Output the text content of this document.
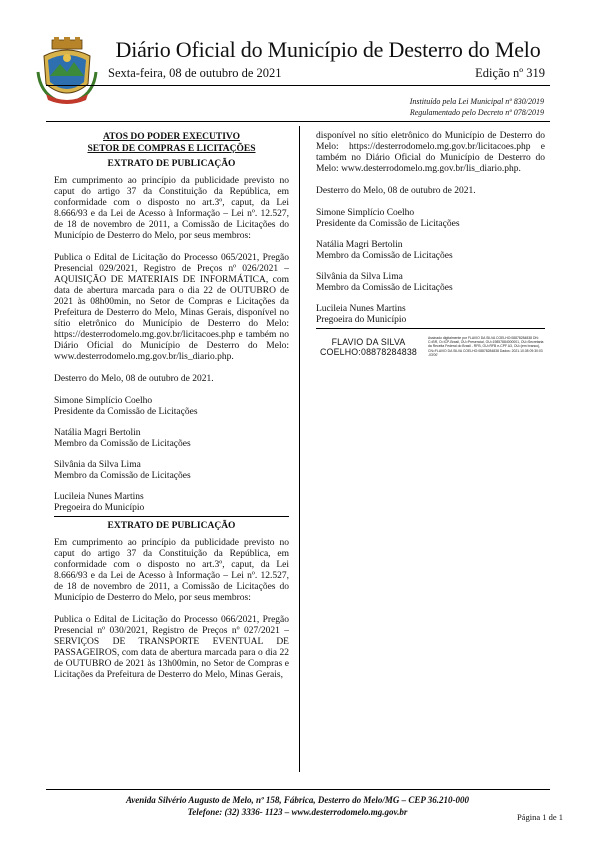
Diário Oficial do Município de Desterro do Melo
Sexta-feira, 08 de outubro de 2021	Edição nº 319
Instituído pela Lei Municipal nº 830/2019
Regulamentado pelo Decreto nº 078/2019
ATOS DO PODER EXECUTIVO
SETOR DE COMPRAS E LICITAÇÕES
EXTRATO DE PUBLICAÇÃO

Em cumprimento ao princípio da publicidade previsto no caput do artigo 37 da Constituição da República, em conformidade com o disposto no art.3º, caput, da Lei 8.666/93 e da Lei de Acesso à Informação – Lei nº. 12.527, de 18 de novembro de 2011, a Comissão de Licitações do Município de Desterro do Melo, por seus membros:

Publica o Edital de Licitação do Processo 065/2021, Pregão Presencial 029/2021, Registro de Preços nº 026/2021 – AQUISIÇÃO DE MATERIAIS DE INFORMÁTICA, com data de abertura marcada para o dia 22 de OUTUBRO de 2021 às 08h00min, no Setor de Compras e Licitações da Prefeitura de Desterro do Melo, Minas Gerais, disponível no sítio eletrônico do Município de Desterro do Melo: https://desterrodomelo.mg.gov.br/licitacoes.php e também no Diário Oficial do Município de Desterro do Melo: www.desterrodomelo.mg.gov.br/lis_diario.php.

Desterro do Melo, 08 de outubro de 2021.

Simone Simplício Coelho
Presidente da Comissão de Licitações
Natália Magri Bertolin
Membro da Comissão de Licitações
Silvânia da Silva Lima
Membro da Comissão de Licitações
Lucileia Nunes Martins
Pregoeira do Município
EXTRATO DE PUBLICAÇÃO

Em cumprimento ao princípio da publicidade previsto no caput do artigo 37 da Constituição da República, em conformidade com o disposto no art.3º, caput, da Lei 8.666/93 e da Lei de Acesso à Informação – Lei nº. 12.527, de 18 de novembro de 2011, a Comissão de Licitações do Município de Desterro do Melo, por seus membros:

Publica o Edital de Licitação do Processo 066/2021, Pregão Presencial nº 030/2021, Registro de Preços nº 027/2021 – SERVIÇOS DE TRANSPORTE EVENTUAL DE PASSAGEIROS, com data de abertura marcada para o dia 22 de OUTUBRO de 2021 às 13h00min, no Setor de Compras e Licitações da Prefeitura de Desterro do Melo, Minas Gerais,

disponível no sítio eletrônico do Município de Desterro do Melo: https://desterrodomelo.mg.gov.br/licitacoes.php e também no Diário Oficial do Município de Desterro do Melo: www.desterrodomelo.mg.gov.br/lis_diario.php.

Desterro do Melo, 08 de outubro de 2021.

Simone Simplício Coelho
Presidente da Comissão de Licitações
Natália Magri Bertolin
Membro da Comissão de Licitações
Silvânia da Silva Lima
Membro da Comissão de Licitações
Lucileia Nunes Martins
Pregoeira do Município
FLAVIO DA SILVA
COELHO:08878284838
Assinado digitalmente por FLAVIO DA SILVA COELHO:08878284838 DN: C=BR, O=ICP-Brasil, OU=Presencial, OU=19857884000001, OU=Secretaria da Receita Federal do Brasil - RFB, OU=RFB e-CPF A3, OU=(em branco), CN=FLAVIO DA SILVA COELHO:08878284838 Dados: 2021.10.08 09:30:03 -03'00'
Avenida Silvério Augusto de Melo, nº 158, Fábrica, Desterro do Melo/MG – CEP 36.210-000
Telefone: (32) 3336- 1123 – www.desterrodomelo.mg.gov.br	Página 1 de 1
